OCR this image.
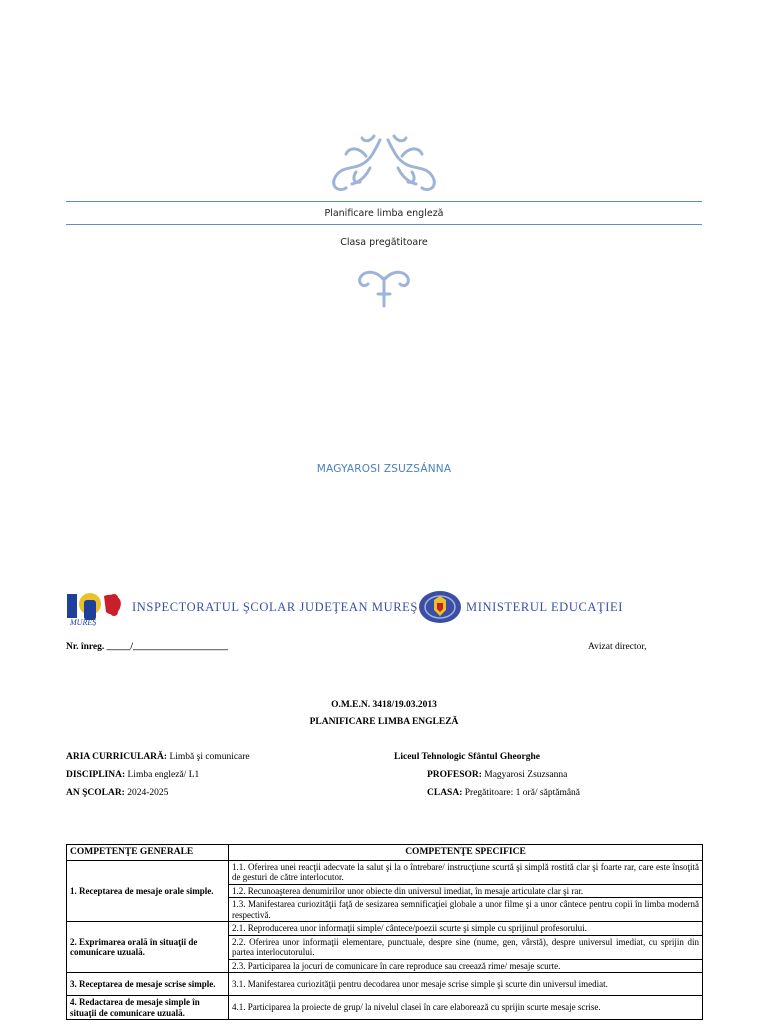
Planificare limba engleză
Clasa pregătitoare
MAGYAROSI ZSUZSÁNNA
MUREŞ
INSPECTORATUL ŞCOLAR JUDEŢEAN MUREŞ	MINISTERUL EDUCAŢIEI
Nr. înreg. _____/____________________	Avizat director,
O.M.E.N. 3418/19.03.2013
PLANIFICARE LIMBA ENGLEZĂ
ARIA CURRICULARĂ: Limbă şi comunicare	Liceul Tehnologic Sfântul Gheorghe
DISCIPLINA: Limba engleză/ L1	PROFESOR: Magyarosi Zsuzsanna
AN ŞCOLAR: 2024-2025	CLASA: Pregătitoare: 1 oră/ săptămână
COMPETENŢE GENERALE	COMPETENŢE SPECIFICE
1. Receptarea de mesaje orale simple.	1.1. Oferirea unei reacţii adecvate la salut şi la o întrebare/ instrucţiune scurtă şi simplă rostită clar şi foarte rar, care este însoţită de gesturi de către interlocutor.
	1.2. Recunoaşterea denumirilor unor obiecte din universul imediat, în mesaje articulate clar şi rar.
	1.3. Manifestarea curiozităţii faţă de sesizarea semnificaţiei globale a unor filme şi a unor cântece pentru copii în limba modernă respectivă.
2. Exprimarea orală în situaţii de comunicare uzuală.	2.1. Reproducerea unor informaţii simple/ cântece/poezii scurte şi simple cu sprijinul profesorului.
	2.2. Oferirea unor informaţii elementare, punctuale, despre sine (nume, gen, vârstă), despre universul imediat, cu sprijin din partea interlocutorului.
	2.3. Participarea la jocuri de comunicare în care reproduce sau creează rime/ mesaje scurte.
3. Receptarea de mesaje scrise simple.	3.1. Manifestarea curiozităţii pentru decodarea unor mesaje scrise simple şi scurte din universul imediat.
4. Redactarea de mesaje simple în situaţii de comunicare uzuală.	4.1. Participarea la proiecte de grup/ la nivelul clasei în care elaborează cu sprijin scurte mesaje scrise.
